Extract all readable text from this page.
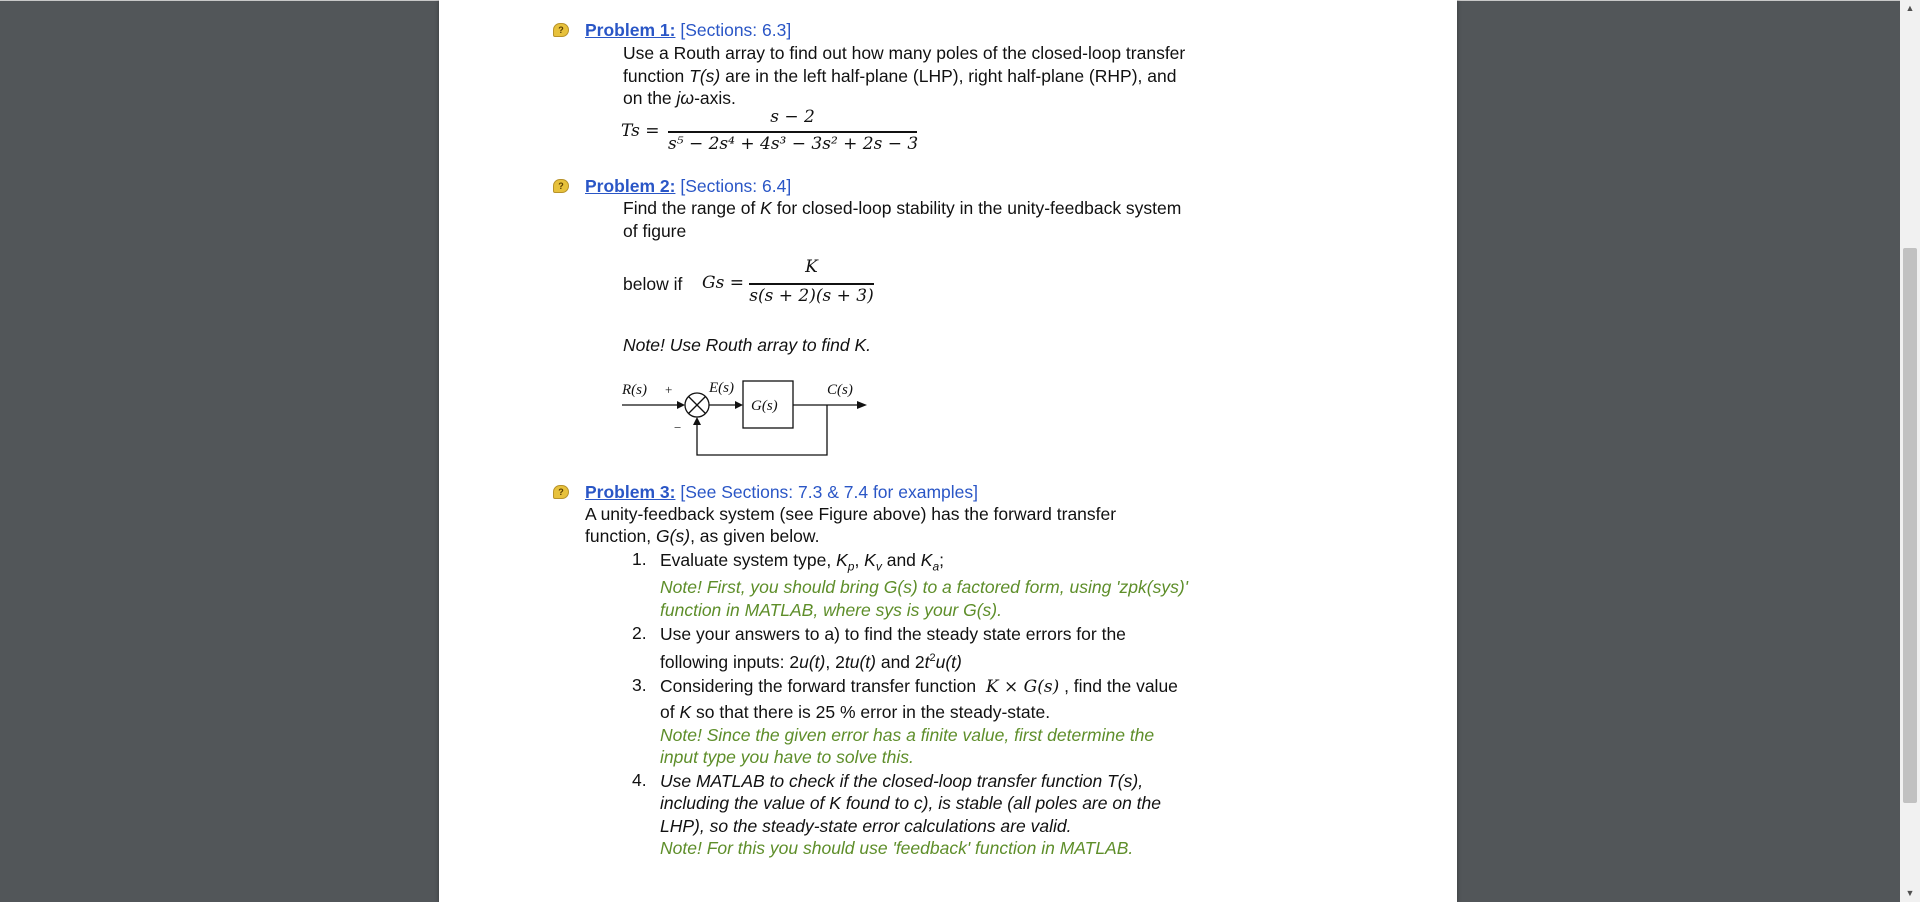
?	Problem 1: [Sections: 6.3]
Use a Routh array to find out how many poles of the closed-loop transfer
function T(s) are in the left half-plane (LHP), right half-plane (RHP), and
on the jω-axis.
Ts =
s − 2
s⁵ − 2s⁴ + 4s³ − 3s² + 2s − 3
?	Problem 2: [Sections: 6.4]
Find the range of K for closed-loop stability in the unity-feedback system
of figure
below if Gs =
K
s(s + 2)(s + 3)
Note! Use Routh array to find K.
R(s) +
−
E(s)	C(s)
G(s)
?	Problem 3: [See Sections: 7.3 & 7.4 for examples]
A unity-feedback system (see Figure above) has the forward transfer
function, G(s), as given below.
1. Evaluate system type, $K_p$, $K_v$ and $K_a$;
Note! First, you should bring G(s) to a factored form, using 'zpk(sys)'
function in MATLAB, where sys is your G(s).
2. Use your answers to a) to find the steady state errors for the
following inputs: 2u(t), 2tu(t) and $2t^2u(t)$
3. Considering the forward transfer function K × G(s) , find the value
of K so that there is 25 % error in the steady-state.
Note! Since the given error has a finite value, first determine the
input type you have to solve this.
4. Use MATLAB to check if the closed-loop transfer function T(s),
including the value of K found to c), is stable (all poles are on the
LHP), so the steady-state error calculations are valid.
Note! For this you should use 'feedback' function in MATLAB.
▲
▼
